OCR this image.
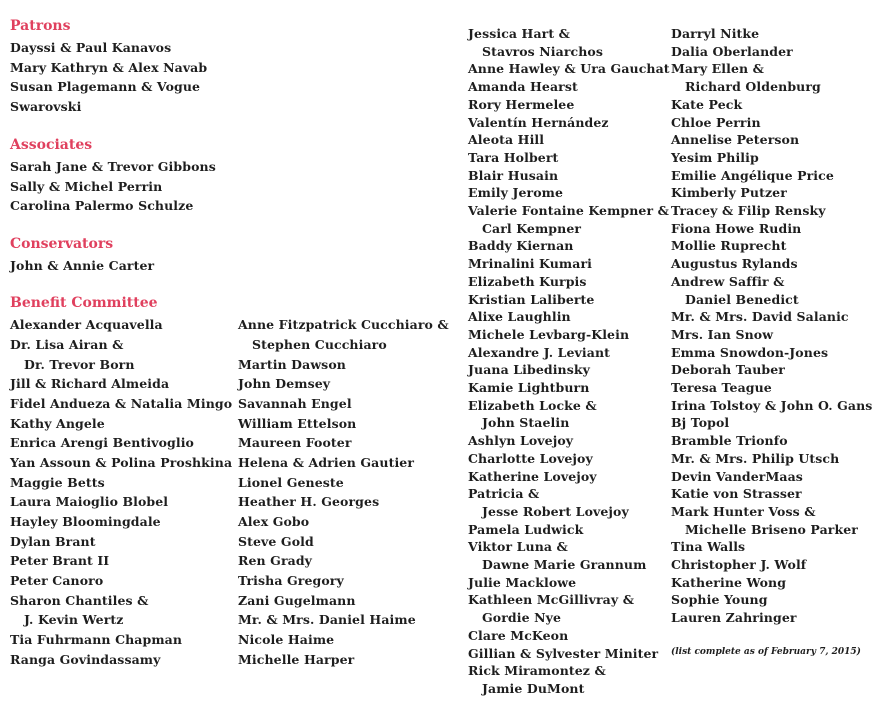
Patrons
Dayssi & Paul Kanavos
Mary Kathryn & Alex Navab
Susan Plagemann & Vogue
Swarovski
Associates
Sarah Jane & Trevor Gibbons
Sally & Michel Perrin
Carolina Palermo Schulze
Conservators
John & Annie Carter
Benefit Committee
Alexander Acquavella
Dr. Lisa Airan &
Dr. Trevor Born
Jill & Richard Almeida
Fidel Andueza & Natalia Mingo
Kathy Angele
Enrica Arengi Bentivoglio
Yan Assoun & Polina Proshkina
Maggie Betts
Laura Maioglio Blobel
Hayley Bloomingdale
Dylan Brant
Peter Brant II
Peter Canoro
Sharon Chantiles &
J. Kevin Wertz
Tia Fuhrmann Chapman
Ranga Govindassamy
Anne Fitzpatrick Cucchiaro &
Stephen Cucchiaro
Martin Dawson
John Demsey
Savannah Engel
William Ettelson
Maureen Footer
Helena & Adrien Gautier
Lionel Geneste
Heather H. Georges
Alex Gobo
Steve Gold
Ren Grady
Trisha Gregory
Zani Gugelmann
Mr. & Mrs. Daniel Haime
Nicole Haime
Michelle Harper
Jessica Hart &
Stavros Niarchos
Anne Hawley & Ura Gauchat
Amanda Hearst
Rory Hermelee
Valentín Hernández
Aleota Hill
Tara Holbert
Blair Husain
Emily Jerome
Valerie Fontaine Kempner &
Carl Kempner
Baddy Kiernan
Mrinalini Kumari
Elizabeth Kurpis
Kristian Laliberte
Alixe Laughlin
Michele Levbarg-Klein
Alexandre J. Leviant
Juana Libedinsky
Kamie Lightburn
Elizabeth Locke &
John Staelin
Ashlyn Lovejoy
Charlotte Lovejoy
Katherine Lovejoy
Patricia &
Jesse Robert Lovejoy
Pamela Ludwick
Viktor Luna &
Dawne Marie Grannum
Julie Macklowe
Kathleen McGillivray &
Gordie Nye
Clare McKeon
Gillian & Sylvester Miniter
Rick Miramontez &
Jamie DuMont
Darryl Nitke
Dalia Oberlander
Mary Ellen &
Richard Oldenburg
Kate Peck
Chloe Perrin
Annelise Peterson
Yesim Philip
Emilie Angélique Price
Kimberly Putzer
Tracey & Filip Rensky
Fiona Howe Rudin
Mollie Ruprecht
Augustus Rylands
Andrew Saffir &
Daniel Benedict
Mr. & Mrs. David Salanic
Mrs. Ian Snow
Emma Snowdon-Jones
Deborah Tauber
Teresa Teague
Irina Tolstoy & John O. Gans
Bj Topol
Bramble Trionfo
Mr. & Mrs. Philip Utsch
Devin VanderMaas
Katie von Strasser
Mark Hunter Voss &
Michelle Briseno Parker
Tina Walls
Christopher J. Wolf
Katherine Wong
Sophie Young
Lauren Zahringer
(list complete as of February 7, 2015)
